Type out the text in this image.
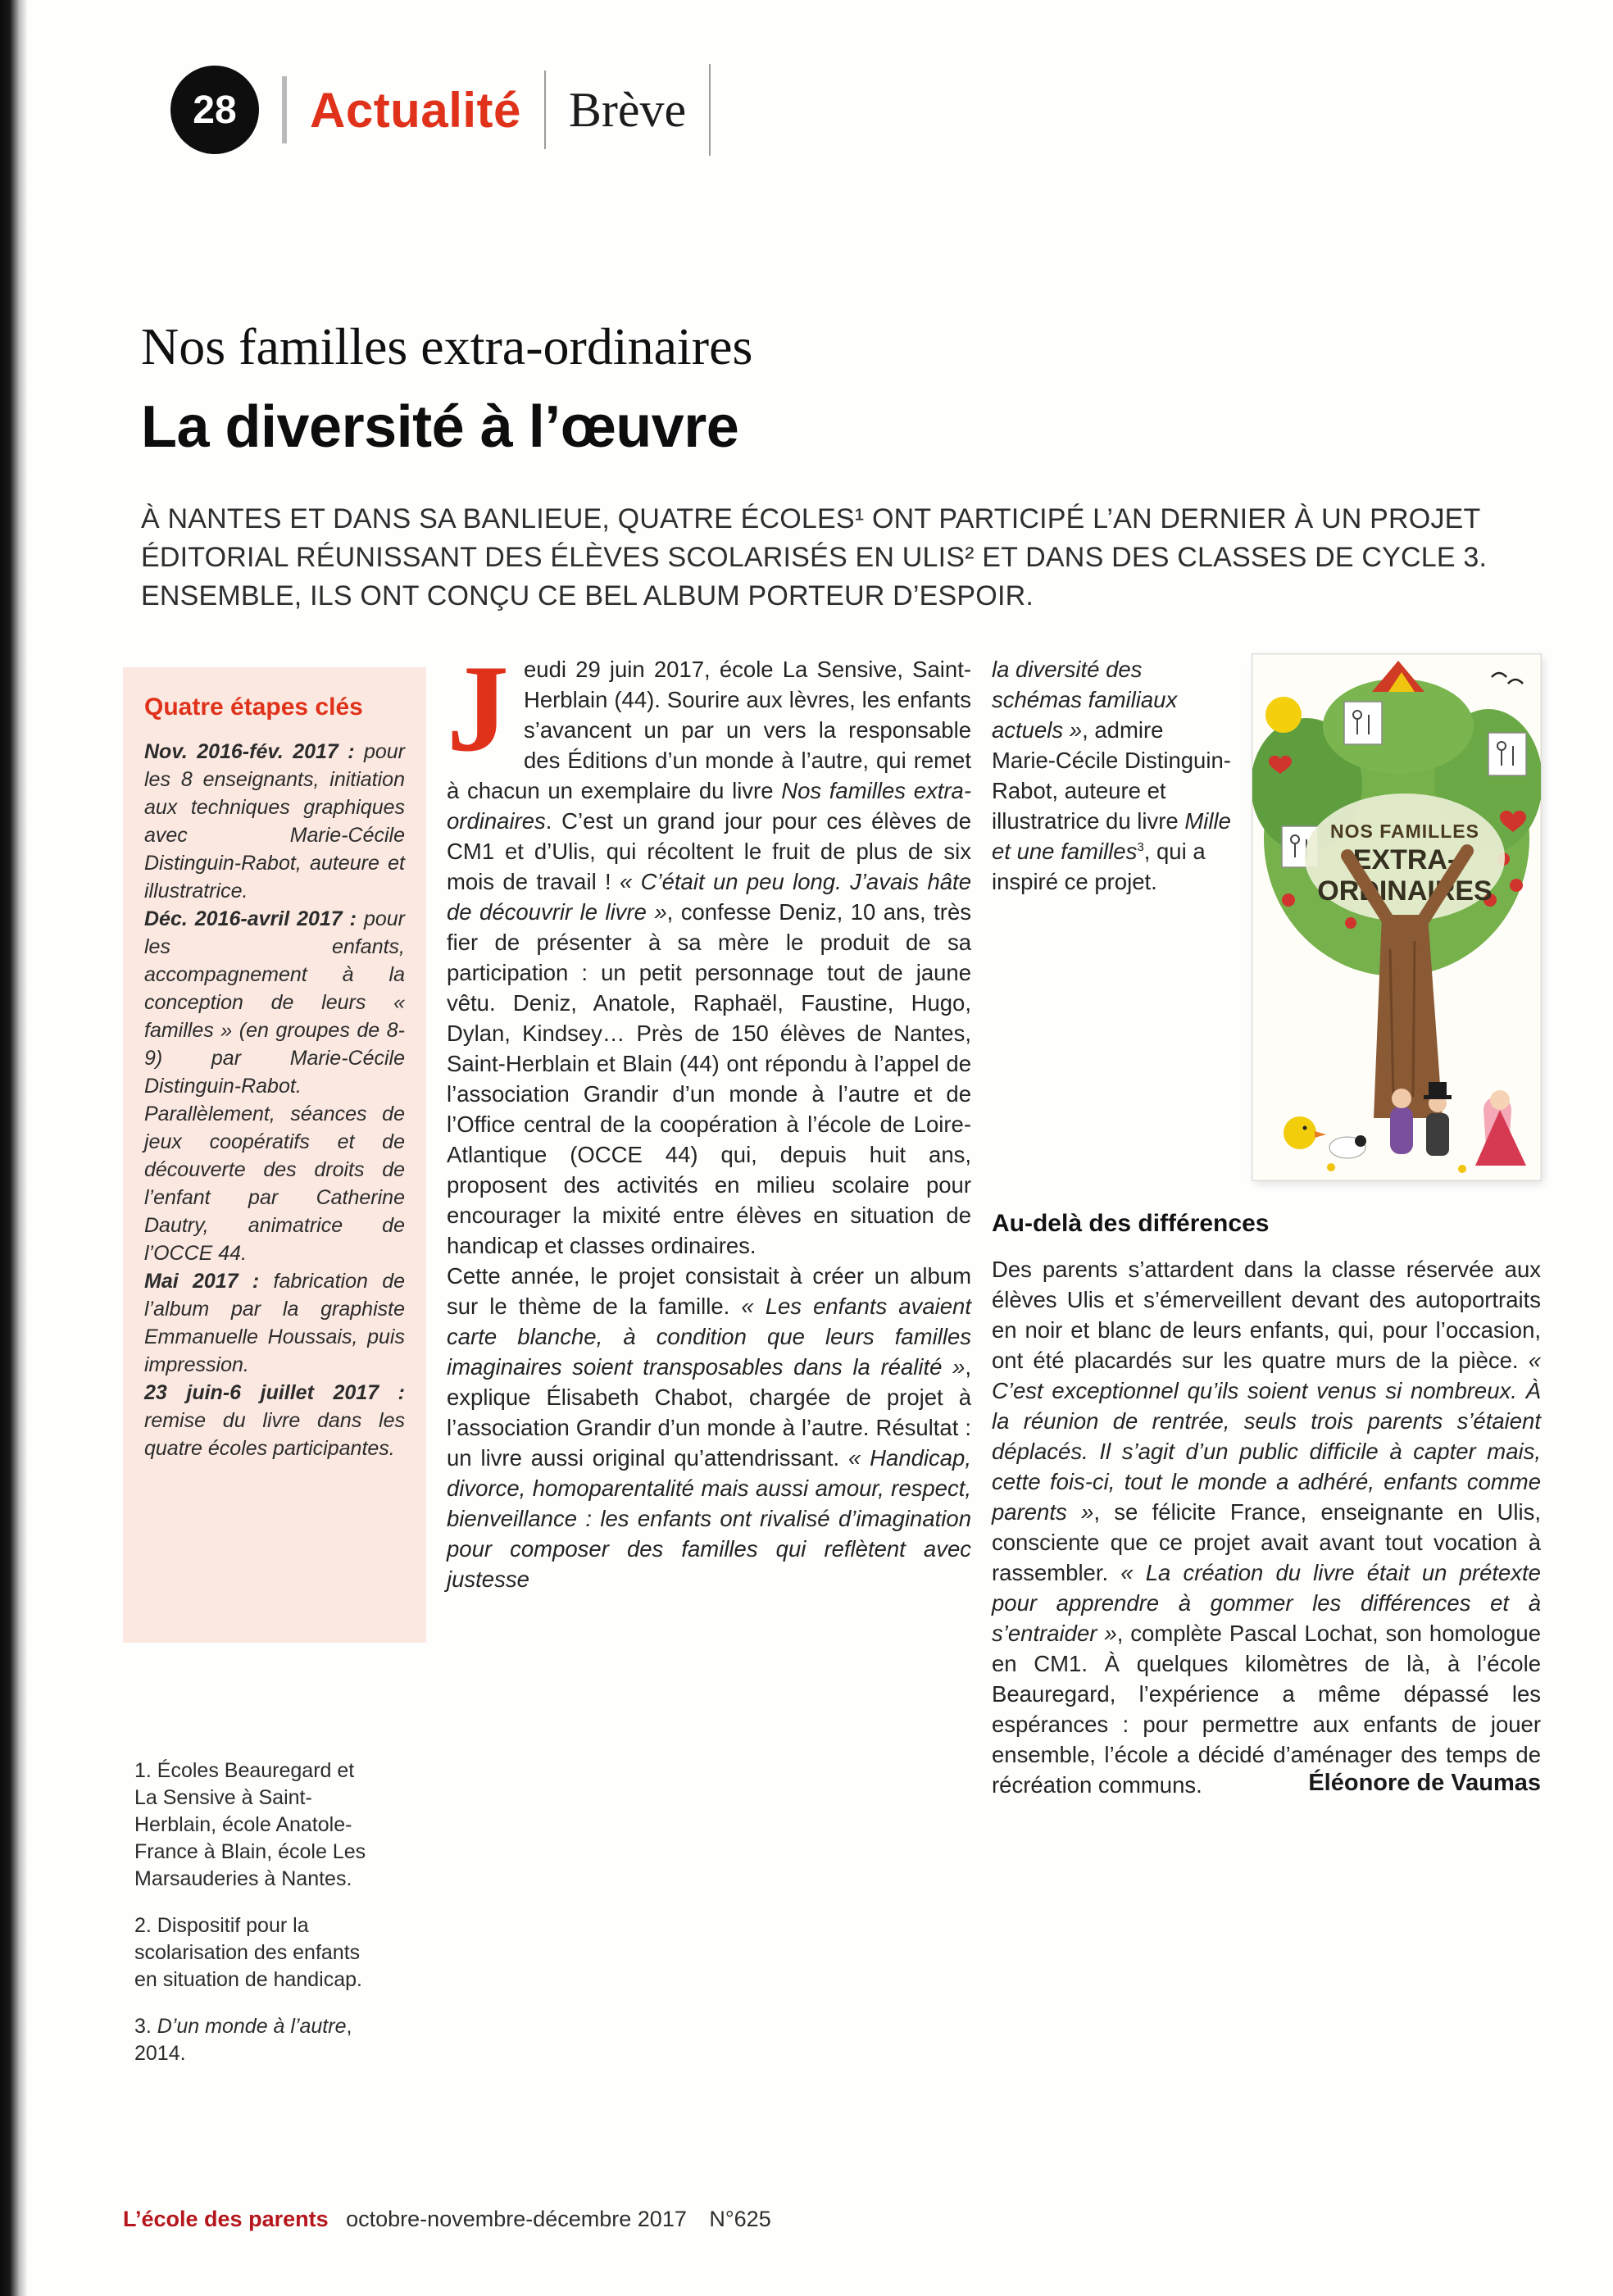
28 Actualité Brève
Nos familles extra-ordinaires
La diversité à l’œuvre

À NANTES ET DANS SA BANLIEUE, QUATRE ÉCOLES¹ ONT PARTICIPÉ L’AN DERNIER À UN PROJET ÉDITORIAL RÉUNISSANT DES ÉLÈVES SCOLARISÉS EN ULIS² ET DANS DES CLASSES DE CYCLE 3. ENSEMBLE, ILS ONT CONÇU CE BEL ALBUM PORTEUR D’ESPOIR.

Quatre étapes clés

Nov. 2016-fév. 2017 : pour les 8 enseignants, initiation aux techniques graphiques avec Marie-Cécile Distinguin-Rabot, auteure et illustratrice.

Déc. 2016-avril 2017 : pour les enfants, accompagnement à la conception de leurs « familles » (en groupes de 8-9) par Marie-Cécile Distinguin-Rabot. Parallèlement, séances de jeux coopératifs et de découverte des droits de l’enfant par Catherine Dautry, animatrice de l’OCCE 44.

Mai 2017 : fabrication de l’album par la graphiste Emmanuelle Houssais, puis impression.

23 juin-6 juillet 2017 : remise du livre dans les quatre écoles participantes.

1. Écoles Beauregard et La Sensive à Saint-Herblain, école Anatole-France à Blain, école Les Marsauderies à Nantes.

2. Dispositif pour la scolarisation des enfants en situation de handicap.

3. D’un monde à l’autre, 2014.

Jeudi 29 juin 2017, école La Sensive, Saint-Herblain (44). Sourire aux lèvres, les enfants s’avancent un par un vers la responsable des Éditions d’un monde à l’autre, qui remet à chacun un exemplaire du livre Nos familles extra-ordinaires. C’est un grand jour pour ces élèves de CM1 et d’Ulis, qui récoltent le fruit de plus de six mois de travail ! « C’était un peu long. J’avais hâte de découvrir le livre », confesse Deniz, 10 ans, très fier de présenter à sa mère le produit de sa participation : un petit personnage tout de jaune vêtu. Deniz, Anatole, Raphaël, Faustine, Hugo, Dylan, Kindsey… Près de 150 élèves de Nantes, Saint-Herblain et Blain (44) ont répondu à l’appel de l’association Grandir d’un monde à l’autre et de l’Office central de la coopération à l’école de Loire-Atlantique (OCCE 44) qui, depuis huit ans, proposent des activités en milieu scolaire pour encourager la mixité entre élèves en situation de handicap et classes ordinaires.

Cette année, le projet consistait à créer un album sur le thème de la famille. « Les enfants avaient carte blanche, à condition que leurs familles imaginaires soient transposables dans la réalité », explique Élisabeth Chabot, chargée de projet à l’association Grandir d’un monde à l’autre. Résultat : un livre aussi original qu’attendrissant. « Handicap, divorce, homoparentalité mais aussi amour, respect, bienveillance : les enfants ont rivalisé d’imagination pour composer des familles qui reflètent avec justesse

la diversité des schémas familiaux actuels », admire Marie-Cécile Distinguin-Rabot, auteure et illustratrice du livre Mille et une familles$^3$, qui a inspiré ce projet.

NOS FAMILLES
EXTRA-
ORDINAIRES
Au-delà des différences

Des parents s’attardent dans la classe réservée aux élèves Ulis et s’émerveillent devant des autoportraits en noir et blanc de leurs enfants, qui, pour l’occasion, ont été placardés sur les quatre murs de la pièce. « C’est exceptionnel qu’ils soient venus si nombreux. À la réunion de rentrée, seuls trois parents s’étaient déplacés. Il s’agit d’un public difficile à capter mais, cette fois-ci, tout le monde a adhéré, enfants comme parents », se félicite France, enseignante en Ulis, consciente que ce projet avait avant tout vocation à rassembler. « La création du livre était un prétexte pour apprendre à gommer les différences et à s’entraider », complète Pascal Lochat, son homologue en CM1. À quelques kilomètres de là, à l’école Beauregard, l’expérience a même dépassé les espérances : pour permettre aux enfants de jouer ensemble, l’école a décidé d’aménager des temps de récréation communs.	Éléonore de Vaumas
L’école des parents octobre-novembre-décembre 2017 N°625
